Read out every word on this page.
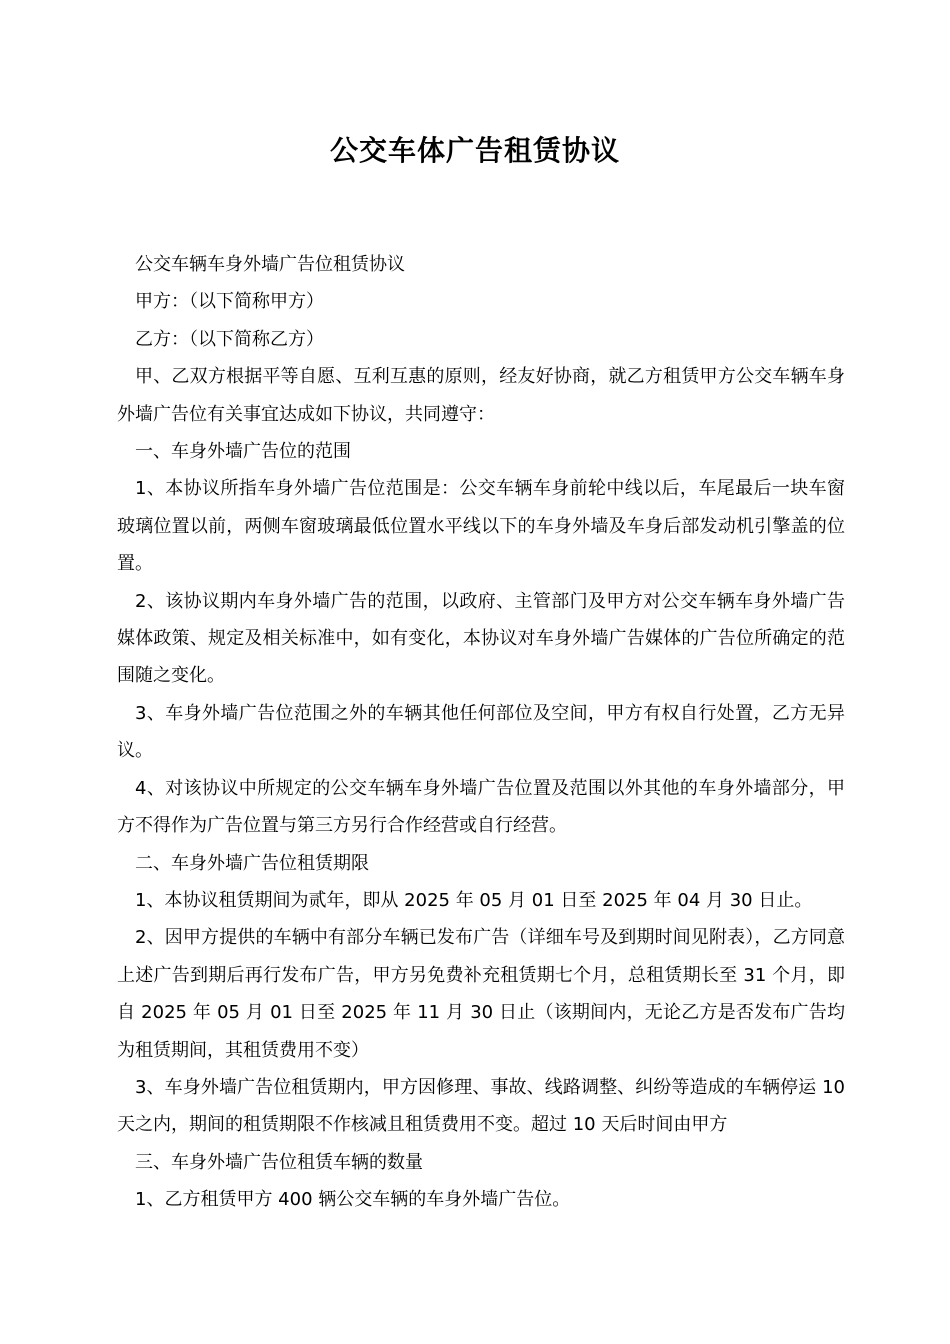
公交车体广告租赁协议

公交车辆车身外墙广告位租赁协议

甲方：（以下简称甲方）

乙方：（以下简称乙方）

甲、乙双方根据平等自愿、互利互惠的原则，经友好协商，就乙方租赁甲方公交车辆车身外墙广告位有关事宜达成如下协议，共同遵守：

一、车身外墙广告位的范围

1、本协议所指车身外墙广告位范围是：公交车辆车身前轮中线以后，车尾最后一块车窗玻璃位置以前，两侧车窗玻璃最低位置水平线以下的车身外墙及车身后部发动机引擎盖的位置。

2、该协议期内车身外墙广告的范围，以政府、主管部门及甲方对公交车辆车身外墙广告媒体政策、规定及相关标准中，如有变化，本协议对车身外墙广告媒体的广告位所确定的范围随之变化。

3、车身外墙广告位范围之外的车辆其他任何部位及空间，甲方有权自行处置，乙方无异议。

4、对该协议中所规定的公交车辆车身外墙广告位置及范围以外其他的车身外墙部分，甲方不得作为广告位置与第三方另行合作经营或自行经营。

二、车身外墙广告位租赁期限

1、本协议租赁期间为贰年，即从 2025 年 05 月 01 日至 2025 年 04 月 30 日止。

2、因甲方提供的车辆中有部分车辆已发布广告（详细车号及到期时间见附表），乙方同意上述广告到期后再行发布广告，甲方另免费补充租赁期七个月，总租赁期长至 31 个月，即自 2025 年 05 月 01 日至 2025 年 11 月 30 日止（该期间内，无论乙方是否发布广告均为租赁期间，其租赁费用不变）

3、车身外墙广告位租赁期内，甲方因修理、事故、线路调整、纠纷等造成的车辆停运 10 天之内，期间的租赁期限不作核减且租赁费用不变。超过 10 天后时间由甲方

三、车身外墙广告位租赁车辆的数量

1、乙方租赁甲方 400 辆公交车辆的车身外墙广告位。
